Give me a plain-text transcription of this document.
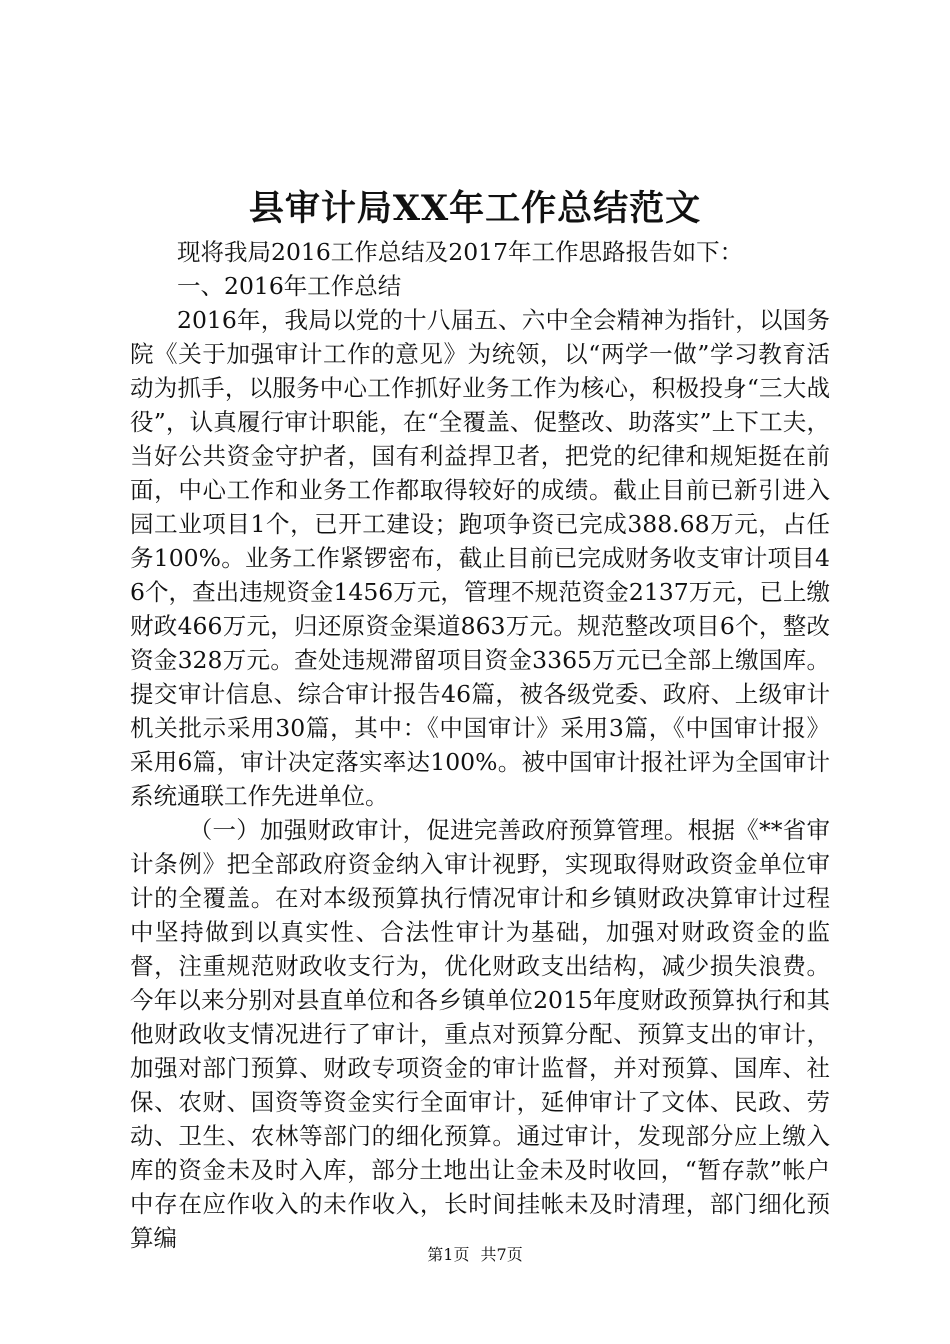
县审计局XX年工作总结范文

现将我局2016工作总结及2017年工作思路报告如下：

一、2016年工作总结

2016年，我局以党的十八届五、六中全会精神为指针，以国务院《关于加强审计工作的意见》为统领，以“两学一做”学习教育活动为抓手，以服务中心工作抓好业务工作为核心，积极投身“三大战役”，认真履行审计职能，在“全覆盖、促整改、助落实”上下工夫，当好公共资金守护者，国有利益捍卫者，把党的纪律和规矩挺在前面，中心工作和业务工作都取得较好的成绩。截止目前已新引进入园工业项目1个，已开工建设；跑项争资已完成388.68万元，占任务100%。业务工作紧锣密布，截止目前已完成财务收支审计项目46个，查出违规资金1456万元，管理不规范资金2137万元，已上缴财政466万元，归还原资金渠道863万元。规范整改项目6个，整改资金328万元。查处违规滞留项目资金3365万元已全部上缴国库。提交审计信息、综合审计报告46篇，被各级党委、政府、上级审计机关批示采用30篇，其中：《中国审计》采用3篇，《中国审计报》采用6篇，审计决定落实率达100%。被中国审计报社评为全国审计系统通联工作先进单位。

（一）加强财政审计，促进完善政府预算管理。根据《**省审计条例》把全部政府资金纳入审计视野，实现取得财政资金单位审计的全覆盖。在对本级预算执行情况审计和乡镇财政决算审计过程中坚持做到以真实性、合法性审计为基础，加强对财政资金的监督，注重规范财政收支行为，优化财政支出结构，减少损失浪费。今年以来分别对县直单位和各乡镇单位2015年度财政预算执行和其他财政收支情况进行了审计，重点对预算分配、预算支出的审计，加强对部门预算、财政专项资金的审计监督，并对预算、国库、社保、农财、国资等资金实行全面审计，延伸审计了文体、民政、劳动、卫生、农林等部门的细化预算。通过审计，发现部分应上缴入库的资金未及时入库，部分土地出让金未及时收回，“暂存款”帐户中存在应作收入的未作收入，长时间挂帐未及时清理，部门细化预算编

第1页 共7页
